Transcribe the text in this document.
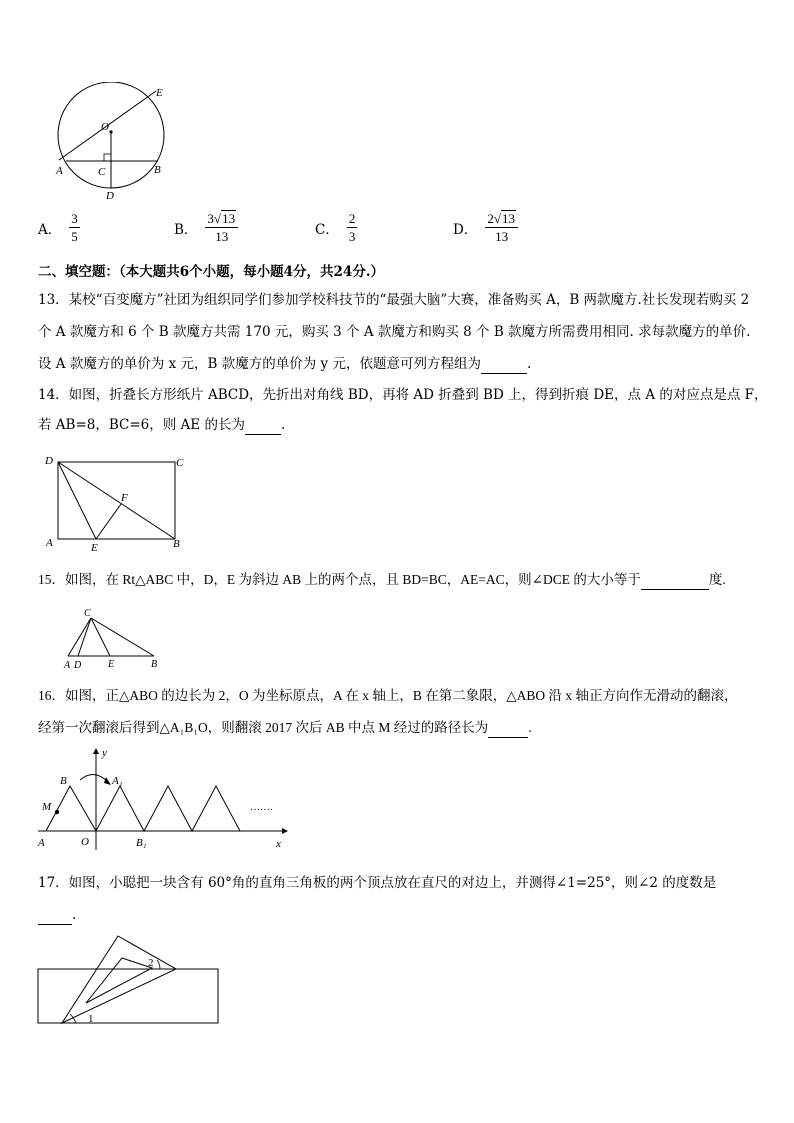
E
O
A	C	B
D
A． $\frac{3}{5}$	B． $\frac{3√13}{13}$	C． $\frac{2}{3}$	D． $\frac{2√13}{13}$
二、填空题：（本大题共6个小题，每小题4分，共24分.）
13．某校“百变魔方”社团为组织同学们参加学校科技节的“最强大脑”大赛，准备购买 A，B 两款魔方.社长发现若购买 2
个 A 款魔方和 6 个 B 款魔方共需 170 元，购买 3 个 A 款魔方和购买 8 个 B 款魔方所需费用相同. 求每款魔方的单价.
设 A 款魔方的单价为 x 元，B 款魔方的单价为 y 元，依题意可列方程组为	.
14．如图，折叠长方形纸片 ABCD，先折出对角线 BD，再将 AD 折叠到 BD 上，得到折痕 DE，点 A 的对应点是点 F，
若 AB=8，BC=6，则 AE 的长为	.
D	C
F
A	E	B
15．如图，在 Rt△ABC 中，D，E 为斜边 AB 上的两个点，且 BD=BC，AE=AC，则∠DCE 的大小等于	度.
C
A D	E	B
16．如图，正△ABO 的边长为 2，O 为坐标原点，A 在 x 轴上，B 在第二象限，△ABO 沿 x 轴正方向作无滑动的翻滚，
经第一次翻滚后得到△A₁B₁O，则翻滚 2017 次后 AB 中点 M 经过的路径长为	.
y
B	A₁
M
A	O	B₁	x
…….
17．如图，小聪把一块含有 60°角的直角三角板的两个顶点放在直尺的对边上，并测得∠1=25°，则∠2 的度数是
.
1
2
